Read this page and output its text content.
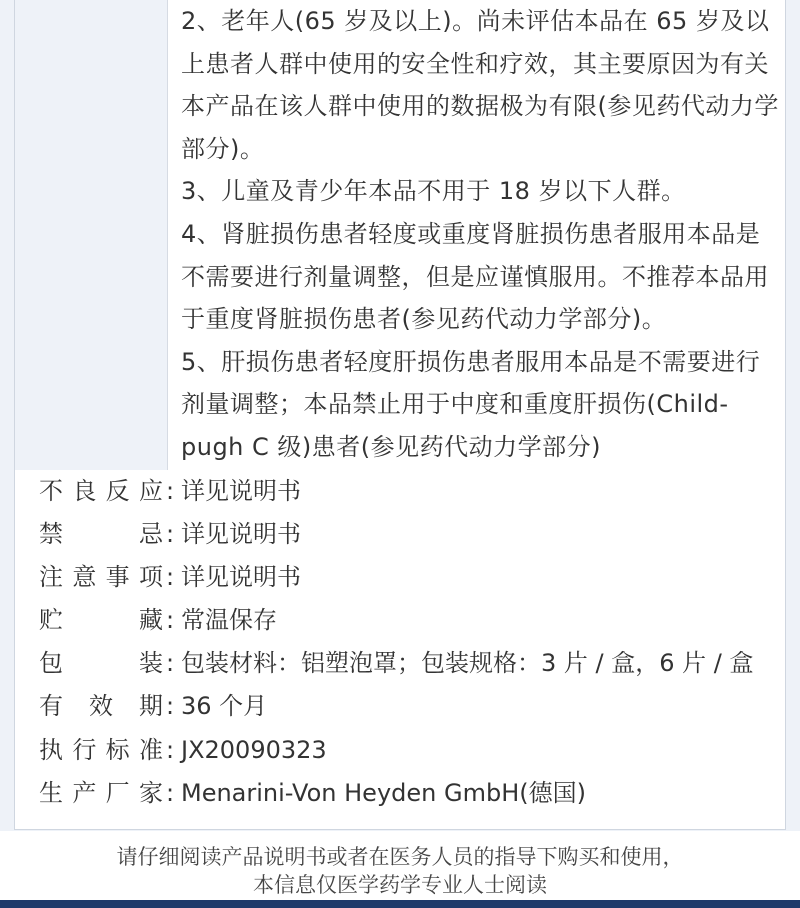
2、老年人(65 岁及以上)。尚未评估本品在 65 岁及以上患者人群中使用的安全性和疗效，其主要原因为有关本产品在该人群中使用的数据极为有限(参见药代动力学部分)。

3、儿童及青少年本品不用于 18 岁以下人群。

4、肾脏损伤患者轻度或重度肾脏损伤患者服用本品是不需要进行剂量调整，但是应谨慎服用。不推荐本品用于重度肾脏损伤患者(参见药代动力学部分)。

5、肝损伤患者轻度肝损伤患者服用本品是不需要进行剂量调整；本品禁止用于中度和重度肝损伤(Child-pugh C 级)患者(参见药代动力学部分)

不良反应 : 详见说明书
禁忌 : 详见说明书
注意事项 : 详见说明书
贮藏 : 常温保存
包装 : 包装材料：铝塑泡罩；包装规格：3 片 / 盒，6 片 / 盒
有效期 : 36 个月
执行标准 : JX20090323
生产厂家 : Menarini-Von Heyden GmbH(德国)
请仔细阅读产品说明书或者在医务人员的指导下购买和使用，
本信息仅医学药学专业人士阅读
